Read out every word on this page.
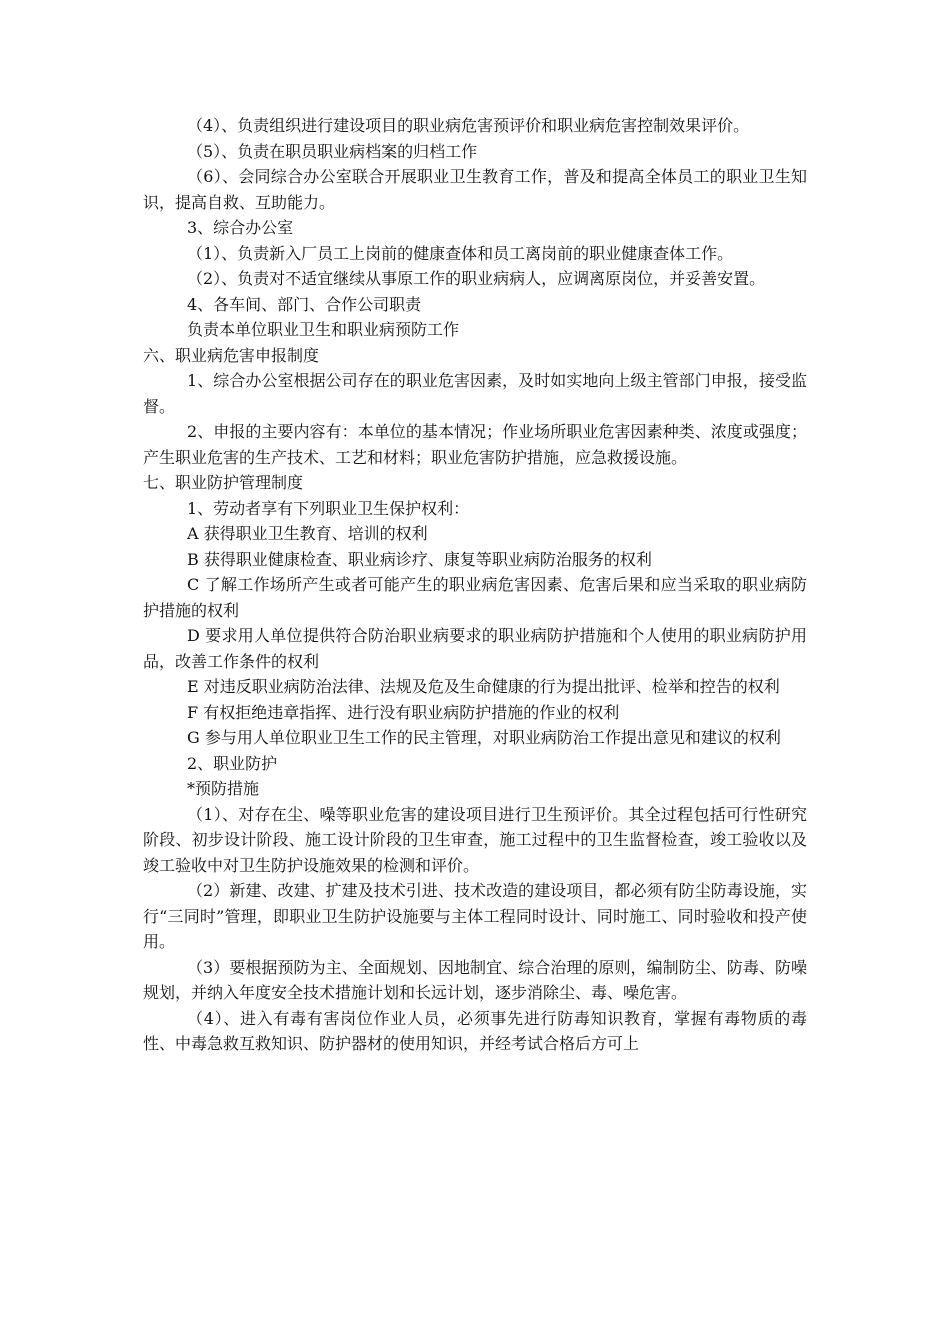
（4）、负责组织进行建设项目的职业病危害预评价和职业病危害控制效果评价。

（5）、负责在职员职业病档案的归档工作

（6）、会同综合办公室联合开展职业卫生教育工作，普及和提高全体员工的职业卫生知识，提高自救、互助能力。

3、综合办公室

（1）、负责新入厂员工上岗前的健康查体和员工离岗前的职业健康查体工作。

（2）、负责对不适宜继续从事原工作的职业病病人，应调离原岗位，并妥善安置。

4、各车间、部门、合作公司职责

负责本单位职业卫生和职业病预防工作

六、职业病危害申报制度

1、综合办公室根据公司存在的职业危害因素，及时如实地向上级主管部门申报，接受监督。

2、申报的主要内容有：本单位的基本情况；作业场所职业危害因素种类、浓度或强度；产生职业危害的生产技术、工艺和材料；职业危害防护措施，应急救援设施。

七、职业防护管理制度

1、劳动者享有下列职业卫生保护权利：

A 获得职业卫生教育、培训的权利

B 获得职业健康检查、职业病诊疗、康复等职业病防治服务的权利

C 了解工作场所产生或者可能产生的职业病危害因素、危害后果和应当采取的职业病防护措施的权利

D 要求用人单位提供符合防治职业病要求的职业病防护措施和个人使用的职业病防护用品，改善工作条件的权利

E 对违反职业病防治法律、法规及危及生命健康的行为提出批评、检举和控告的权利

F 有权拒绝违章指挥、进行没有职业病防护措施的作业的权利

G 参与用人单位职业卫生工作的民主管理，对职业病防治工作提出意见和建议的权利

2、职业防护

*预防措施

（1）、对存在尘、噪等职业危害的建设项目进行卫生预评价。其全过程包括可行性研究阶段、初步设计阶段、施工设计阶段的卫生审查，施工过程中的卫生监督检查，竣工验收以及竣工验收中对卫生防护设施效果的检测和评价。

（2）新建、改建、扩建及技术引进、技术改造的建设项目，都必须有防尘防毒设施，实行“三同时”管理，即职业卫生防护设施要与主体工程同时设计、同时施工、同时验收和投产使用。

（3）要根据预防为主、全面规划、因地制宜、综合治理的原则，编制防尘、防毒、防噪规划，并纳入年度安全技术措施计划和长远计划，逐步消除尘、毒、噪危害。

（4）、进入有毒有害岗位作业人员，必须事先进行防毒知识教育，掌握有毒物质的毒性、中毒急救互救知识、防护器材的使用知识，并经考试合格后方可上
